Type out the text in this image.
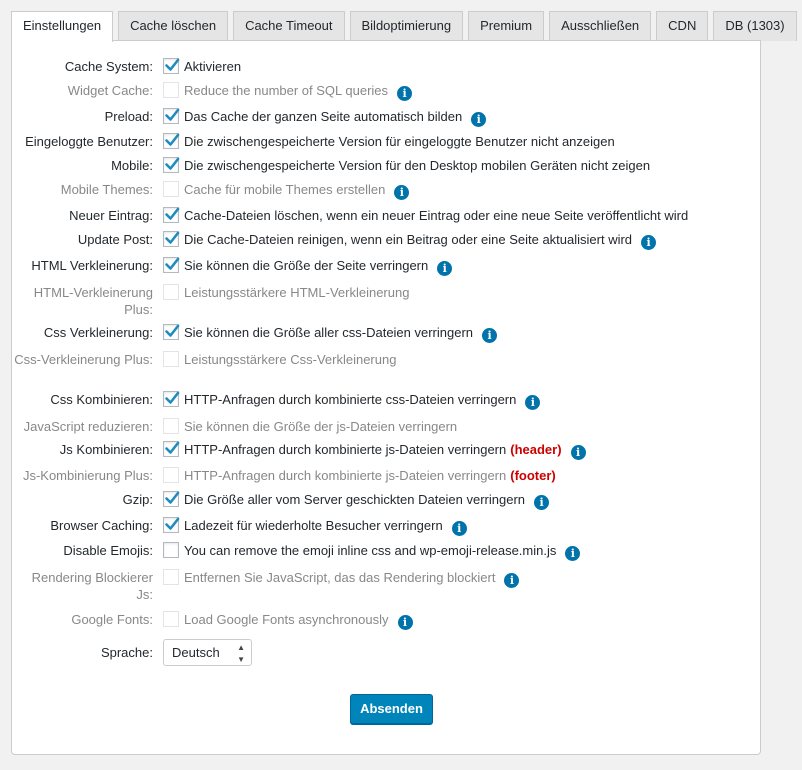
Einstellungen	Cache löschen	Cache Timeout	Bildoptimierung	Premium	Ausschließen	CDN	DB (1303)
Sprache:	Deutsch ▲
▼
Absenden
Cache System: Aktivieren
Widget Cache: Reduce the number of SQL queries i
Preload: Das Cache der ganzen Seite automatisch bilden i
Eingeloggte Benutzer: Die zwischengespeicherte Version für eingeloggte Benutzer nicht anzeigen
Mobile: Die zwischengespeicherte Version für den Desktop mobilen Geräten nicht zeigen
Mobile Themes: Cache für mobile Themes erstellen i
Neuer Eintrag: Cache-Dateien löschen, wenn ein neuer Eintrag oder eine neue Seite veröffentlicht wird
Update Post: Die Cache-Dateien reinigen, wenn ein Beitrag oder eine Seite aktualisiert wird i
HTML Verkleinerung: Sie können die Größe der Seite verringern i
HTML-Verkleinerung Plus:
Leistungsstärkere HTML-Verkleinerung
Css Verkleinerung: Sie können die Größe aller css-Dateien verringern i
Css-Verkleinerung Plus: Leistungsstärkere Css-Verkleinerung
Css Kombinieren: HTTP-Anfragen durch kombinierte css-Dateien verringern i
JavaScript reduzieren: Sie können die Größe der js-Dateien verringern
Js Kombinieren: HTTP-Anfragen durch kombinierte js-Dateien verringern (header) i
Js-Kombinierung Plus: HTTP-Anfragen durch kombinierte js-Dateien verringern (footer)
Gzip: Die Größe aller vom Server geschickten Dateien verringern i
Browser Caching: Ladezeit für wiederholte Besucher verringern i
Disable Emojis: You can remove the emoji inline css and wp-emoji-release.min.js i
Rendering Blockierer Js:
Entfernen Sie JavaScript, das das Rendering blockiert i
Google Fonts: Load Google Fonts asynchronously i
